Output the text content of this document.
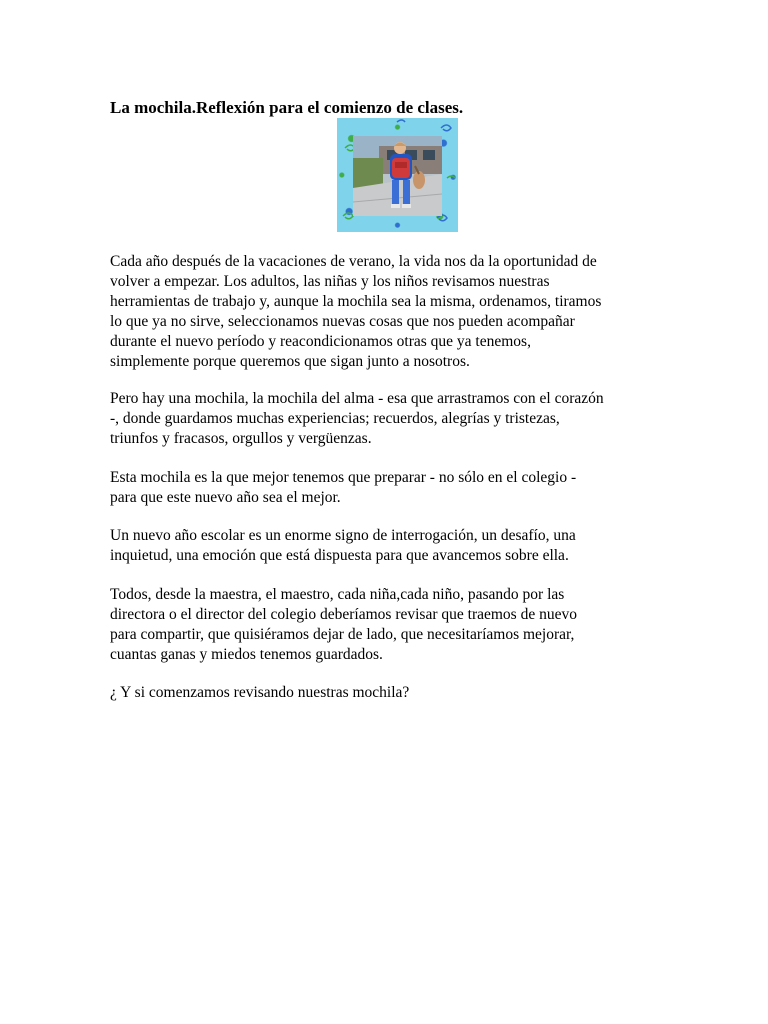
La mochila.Reflexión para el comienzo de clases.
Cada año después de la vacaciones de verano, la vida nos da la oportunidad de
volver a empezar. Los adultos, las niñas y los niños revisamos nuestras
herramientas de trabajo y, aunque la mochila sea la misma, ordenamos, tiramos
lo que ya no sirve, seleccionamos nuevas cosas que nos pueden acompañar
durante el nuevo período y reacondicionamos otras que ya tenemos,
simplemente porque queremos que sigan junto a nosotros.
Pero hay una mochila, la mochila del alma - esa que arrastramos con el corazón
-, donde guardamos muchas experiencias; recuerdos, alegrías y tristezas,
triunfos y fracasos, orgullos y vergüenzas.
Esta mochila es la que mejor tenemos que preparar - no sólo en el colegio -
para que este nuevo año sea el mejor.
Un nuevo año escolar es un enorme signo de interrogación, un desafío, una
inquietud, una emoción que está dispuesta para que avancemos sobre ella.
Todos, desde la maestra, el maestro, cada niña,cada niño, pasando por las
directora o el director del colegio deberíamos revisar que traemos de nuevo
para compartir, que quisiéramos dejar de lado, que necesitaríamos mejorar,
cuantas ganas y miedos tenemos guardados.
¿ Y si comenzamos revisando nuestras mochila?
